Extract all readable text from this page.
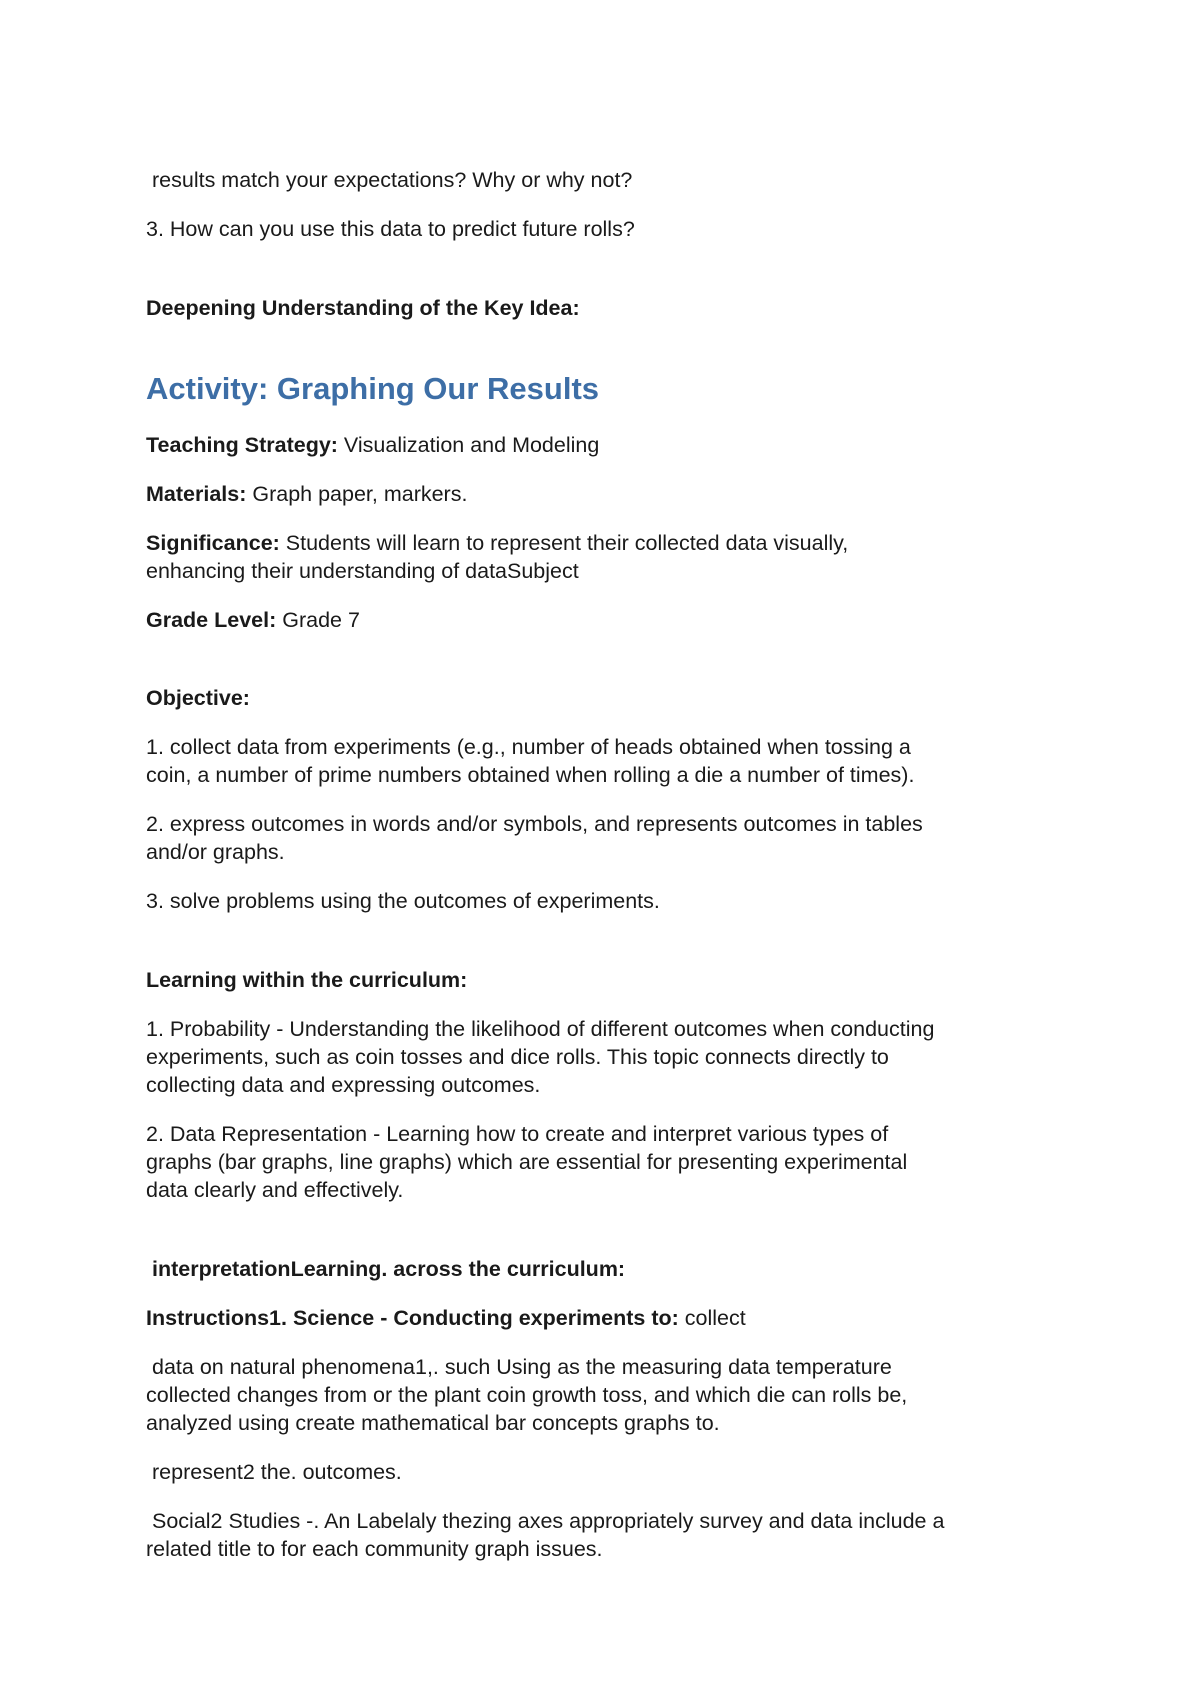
results match your expectations? Why or why not?

3. How can you use this data to predict future rolls?

Deepening Understanding of the Key Idea:

Activity: Graphing Our Results

Teaching Strategy: Visualization and Modeling

Materials: Graph paper, markers.

Significance: Students will learn to represent their collected data visually,

enhancing their understanding of dataSubject

Grade Level: Grade 7

Objective:

1. collect data from experiments (e.g., number of heads obtained when tossing a

coin, a number of prime numbers obtained when rolling a die a number of times).

2. express outcomes in words and/or symbols, and represents outcomes in tables

and/or graphs.

3. solve problems using the outcomes of experiments.

Learning within the curriculum:

1. Probability - Understanding the likelihood of different outcomes when conducting

experiments, such as coin tosses and dice rolls. This topic connects directly to

collecting data and expressing outcomes.

2. Data Representation - Learning how to create and interpret various types of

graphs (bar graphs, line graphs) which are essential for presenting experimental

data clearly and effectively.

interpretationLearning. across the curriculum:

Instructions1. Science - Conducting experiments to: collect

data on natural phenomena1,. such Using as the measuring data temperature

collected changes from or the plant coin growth toss, and which die can rolls be,

analyzed using create mathematical bar concepts graphs to.

represent2 the. outcomes.

Social2 Studies -. An Labelaly thezing axes appropriately survey and data include a

related title to for each community graph issues.
